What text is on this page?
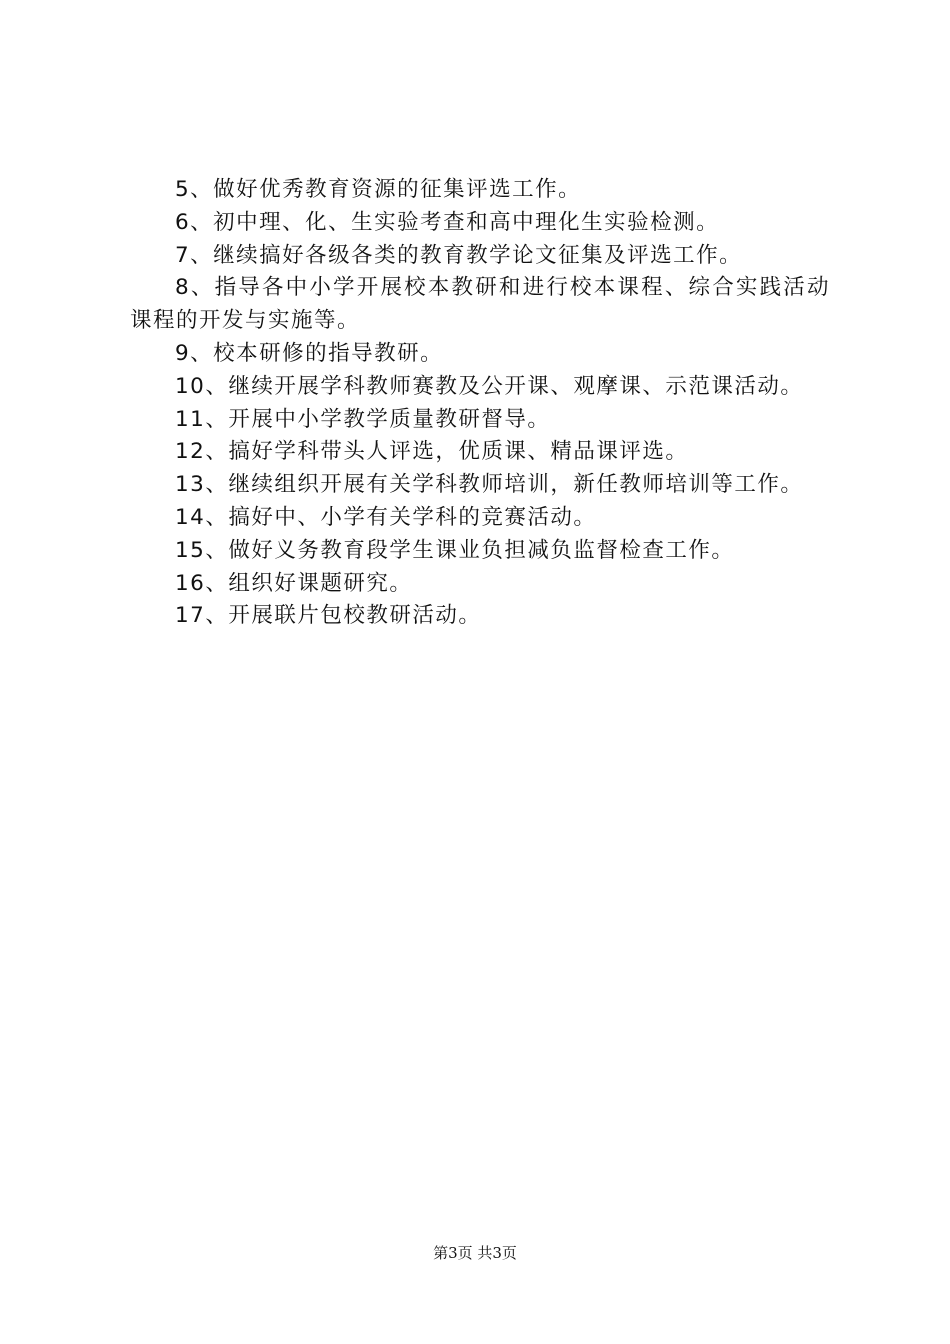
5、做好优秀教育资源的征集评选工作。

6、初中理、化、生实验考查和高中理化生实验检测。

7、继续搞好各级各类的教育教学论文征集及评选工作。

8、指导各中小学开展校本教研和进行校本课程、综合实践活动课程的开发与实施等。

9、校本研修的指导教研。

10、继续开展学科教师赛教及公开课、观摩课、示范课活动。

11、开展中小学教学质量教研督导。

12、搞好学科带头人评选，优质课、精品课评选。

13、继续组织开展有关学科教师培训，新任教师培训等工作。

14、搞好中、小学有关学科的竞赛活动。

15、做好义务教育段学生课业负担减负监督检查工作。

16、组织好课题研究。

17、开展联片包校教研活动。

第3页 共3页
